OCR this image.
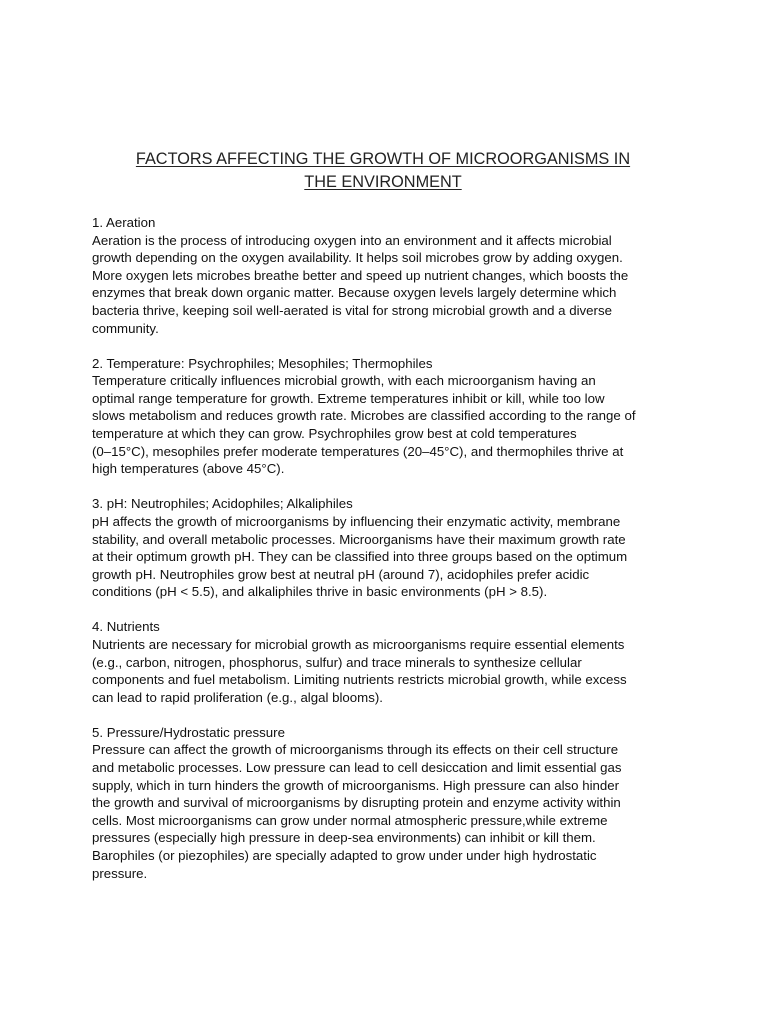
FACTORS AFFECTING THE GROWTH OF MICROORGANISMS IN
THE ENVIRONMENT
1. Aeration

Aeration is the process of introducing oxygen into an environment and it affects microbial
growth depending on the oxygen availability. It helps soil microbes grow by adding oxygen.
More oxygen lets microbes breathe better and speed up nutrient changes, which boosts the
enzymes that break down organic matter. Because oxygen levels largely determine which
bacteria thrive, keeping soil well-aerated is vital for strong microbial growth and a diverse
community.

2. Temperature: Psychrophiles; Mesophiles; Thermophiles

Temperature critically influences microbial growth, with each microorganism having an
optimal range temperature for growth. Extreme temperatures inhibit or kill, while too low
slows metabolism and reduces growth rate. Microbes are classified according to the range of
temperature at which they can grow. Psychrophiles grow best at cold temperatures
(0–15°C), mesophiles prefer moderate temperatures (20–45°C), and thermophiles thrive at
high temperatures (above 45°C).

3. pH: Neutrophiles; Acidophiles; Alkaliphiles

pH affects the growth of microorganisms by influencing their enzymatic activity, membrane
stability, and overall metabolic processes. Microorganisms have their maximum growth rate
at their optimum growth pH. They can be classified into three groups based on the optimum
growth pH. Neutrophiles grow best at neutral pH (around 7), acidophiles prefer acidic
conditions (pH < 5.5), and alkaliphiles thrive in basic environments (pH > 8.5).

4. Nutrients

Nutrients are necessary for microbial growth as microorganisms require essential elements
(e.g., carbon, nitrogen, phosphorus, sulfur) and trace minerals to synthesize cellular
components and fuel metabolism. Limiting nutrients restricts microbial growth, while excess
can lead to rapid proliferation (e.g., algal blooms).

5. Pressure/Hydrostatic pressure

Pressure can affect the growth of microorganisms through its effects on their cell structure
and metabolic processes. Low pressure can lead to cell desiccation and limit essential gas
supply, which in turn hinders the growth of microorganisms. High pressure can also hinder
the growth and survival of microorganisms by disrupting protein and enzyme activity within
cells. Most microorganisms can grow under normal atmospheric pressure,while extreme
pressures (especially high pressure in deep-sea environments) can inhibit or kill them.
Barophiles (or piezophiles) are specially adapted to grow under under high hydrostatic
pressure.
